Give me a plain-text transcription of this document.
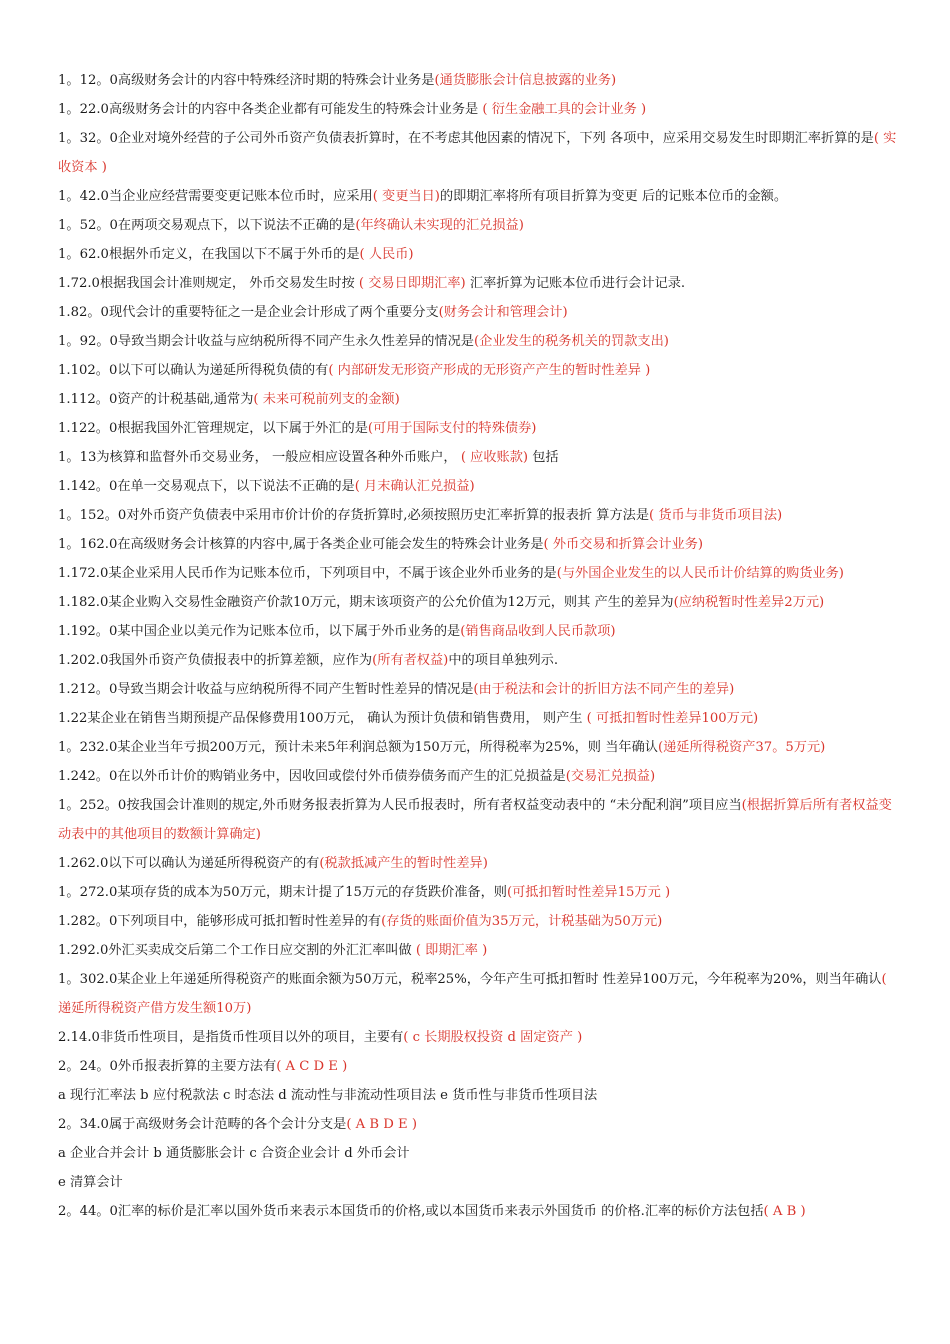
1。12。0高级财务会计的内容中特殊经济时期的特殊会计业务是(通货膨胀会计信息披露的业务)
1。22.0高级财务会计的内容中各类企业都有可能发生的特殊会计业务是 ( 衍生金融工具的会计业务 )
1。32。0企业对境外经营的子公司外币资产负债表折算时，在不考虑其他因素的情况下，下列 各项中，应采用交易发生时即期汇率折算的是( 实收资本 )
1。42.0当企业应经营需要变更记账本位币时，应采用( 变更当日)的即期汇率将所有项目折算为变更 后的记账本位币的金额。
1。52。0在两项交易观点下，以下说法不正确的是(年终确认未实现的汇兑损益)
1。62.0根据外币定义，在我国以下不属于外币的是( 人民币)
1.72.0根据我国会计准则规定， 外币交易发生时按 ( 交易日即期汇率) 汇率折算为记账本位币进行会计记录.
1.82。0现代会计的重要特征之一是企业会计形成了两个重要分支(财务会计和管理会计)
1。92。0导致当期会计收益与应纳税所得不同产生永久性差异的情况是(企业发生的税务机关的罚款支出)
1.102。0以下可以确认为递延所得税负债的有( 内部研发无形资产形成的无形资产产生的暂时性差异 )
1.112。0资产的计税基础,通常为( 未来可税前列支的金额)
1.122。0根据我国外汇管理规定，以下属于外汇的是(可用于国际支付的特殊债券)
1。13为核算和监督外币交易业务， 一般应相应设置各种外币账户， ( 应收账款) 包括
1.142。0在单一交易观点下，以下说法不正确的是( 月末确认汇兑损益)
1。152。0对外币资产负债表中采用市价计价的存货折算时,必须按照历史汇率折算的报表折 算方法是( 货币与非货币项目法)
1。162.0在高级财务会计核算的内容中,属于各类企业可能会发生的特殊会计业务是( 外币交易和折算会计业务)
1.172.0某企业采用人民币作为记账本位币，下列项目中，不属于该企业外币业务的是(与外国企业发生的以人民币计价结算的购货业务)
1.182.0某企业购入交易性金融资产价款10万元，期末该项资产的公允价值为12万元，则其 产生的差异为(应纳税暂时性差异2万元)
1.192。0某中国企业以美元作为记账本位币，以下属于外币业务的是(销售商品收到人民币款项)
1.202.0我国外币资产负债报表中的折算差额，应作为(所有者权益)中的项目单独列示.
1.212。0导致当期会计收益与应纳税所得不同产生暂时性差异的情况是(由于税法和会计的折旧方法不同产生的差异)
1.22某企业在销售当期预提产品保修费用100万元， 确认为预计负债和销售费用， 则产生 ( 可抵扣暂时性差异100万元)
1。232.0某企业当年亏损200万元，预计未来5年利润总额为150万元，所得税率为25%，则 当年确认(递延所得税资产37。5万元)
1.242。0在以外币计价的购销业务中，因收回或偿付外币债券债务而产生的汇兑损益是(交易汇兑损益)
1。252。0按我国会计准则的规定,外币财务报表折算为人民币报表时，所有者权益变动表中的 “未分配利润”项目应当(根据折算后所有者权益变动表中的其他项目的数额计算确定)
1.262.0以下可以确认为递延所得税资产的有(税款抵减产生的暂时性差异)
1。272.0某项存货的成本为50万元，期末计提了15万元的存货跌价准备，则(可抵扣暂时性差异15万元 )
1.282。0下列项目中，能够形成可抵扣暂时性差异的有(存货的账面价值为35万元，计税基础为50万元)
1.292.0外汇买卖成交后第二个工作日应交割的外汇汇率叫做 ( 即期汇率 )
1。302.0某企业上年递延所得税资产的账面余额为50万元，税率25%，今年产生可抵扣暂时 性差异100万元，今年税率为20%，则当年确认( 递延所得税资产借方发生额10万)
2.14.0非货币性项目，是指货币性项目以外的项目，主要有( c 长期股权投资 d 固定资产 )
2。24。0外币报表折算的主要方法有( A C D E )
a 现行汇率法 b 应付税款法 c 时态法 d 流动性与非流动性项目法 e 货币性与非货币性项目法
2。34.0属于高级财务会计范畴的各个会计分支是( A B D E )
a 企业合并会计 b 通货膨胀会计 c 合资企业会计 d 外币会计
e 清算会计
2。44。0汇率的标价是汇率以国外货币来表示本国货币的价格,或以本国货币来表示外国货币 的价格.汇率的标价方法包括( A B )
